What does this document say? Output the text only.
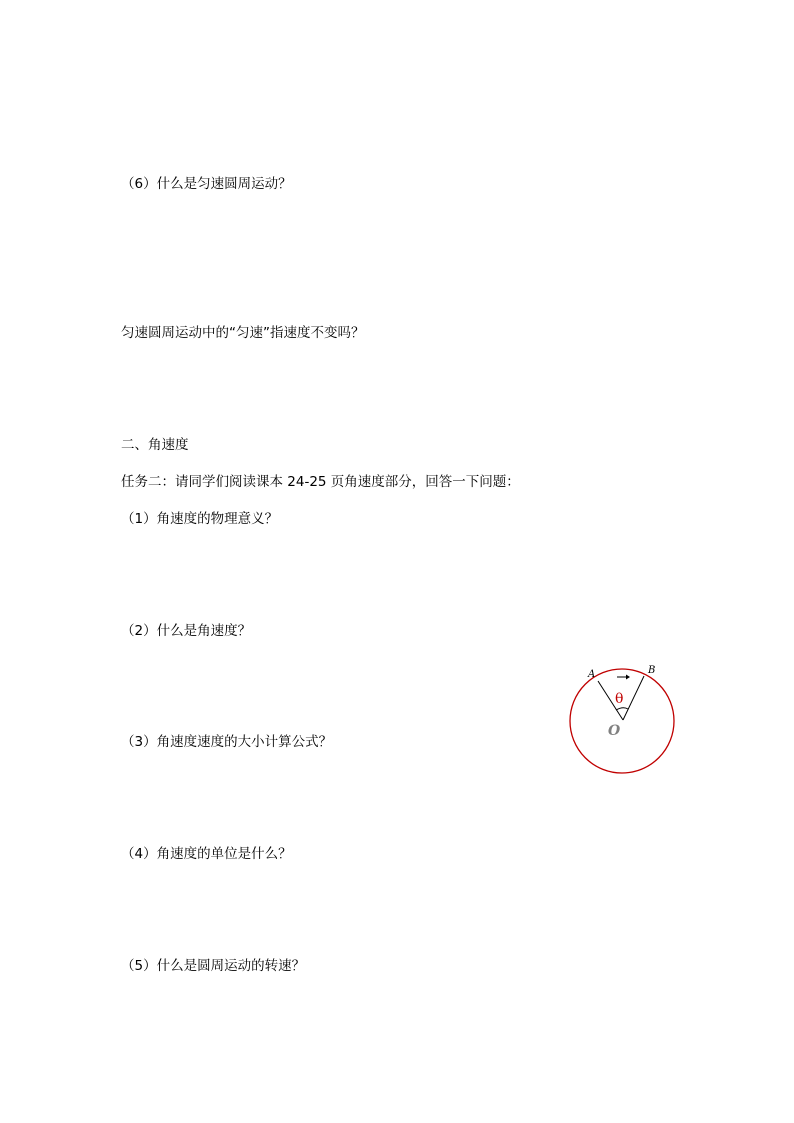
（6）什么是匀速圆周运动？
匀速圆周运动中的“匀速”指速度不变吗？
二、角速度
任务二：请同学们阅读课本 24-25 页角速度部分，回答一下问题：
（1）角速度的物理意义？
（2）什么是角速度？
（3）角速度速度的大小计算公式？
（4）角速度的单位是什么？
（5）什么是圆周运动的转速？
A	B
θ
O
